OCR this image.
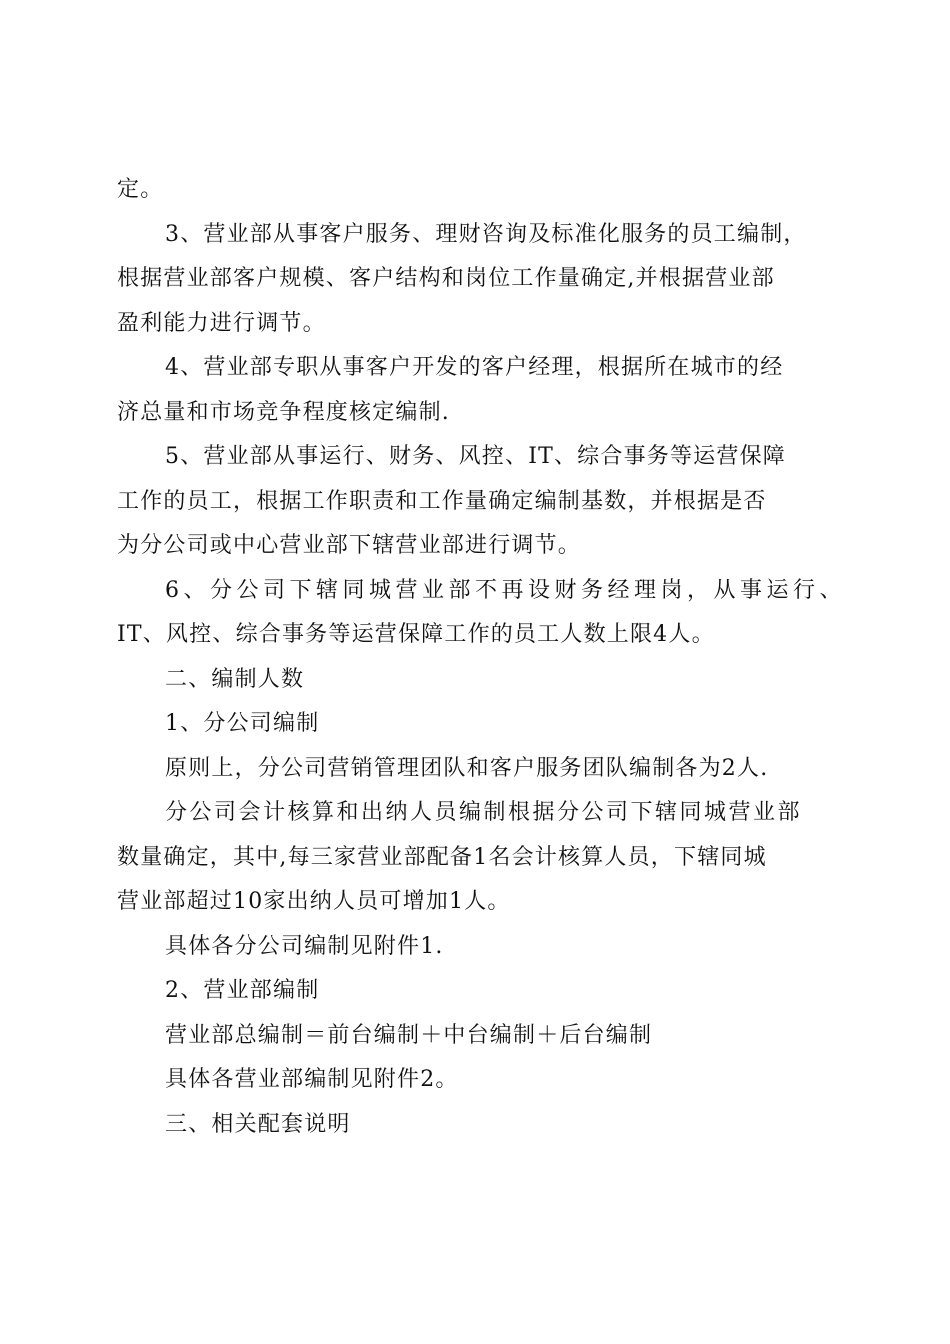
定。
3、营业部从事客户服务、理财咨询及标准化服务的员工编制，
根据营业部客户规模、客户结构和岗位工作量确定,并根据营业部
盈利能力进行调节。
4、营业部专职从事客户开发的客户经理，根据所在城市的经
济总量和市场竞争程度核定编制.
5、营业部从事运行、财务、风控、IT、综合事务等运营保障
工作的员工，根据工作职责和工作量确定编制基数，并根据是否
为分公司或中心营业部下辖营业部进行调节。
6、分公司下辖同城营业部不再设财务经理岗，从事运行、
IT、风控、综合事务等运营保障工作的员工人数上限4人。
二、编制人数
1、分公司编制
原则上，分公司营销管理团队和客户服务团队编制各为2人.
分公司会计核算和出纳人员编制根据分公司下辖同城营业部
数量确定，其中,每三家营业部配备1名会计核算人员，下辖同城
营业部超过10家出纳人员可增加1人。
具体各分公司编制见附件1.
2、营业部编制
营业部总编制＝前台编制＋中台编制＋后台编制
具体各营业部编制见附件2。
三、相关配套说明
